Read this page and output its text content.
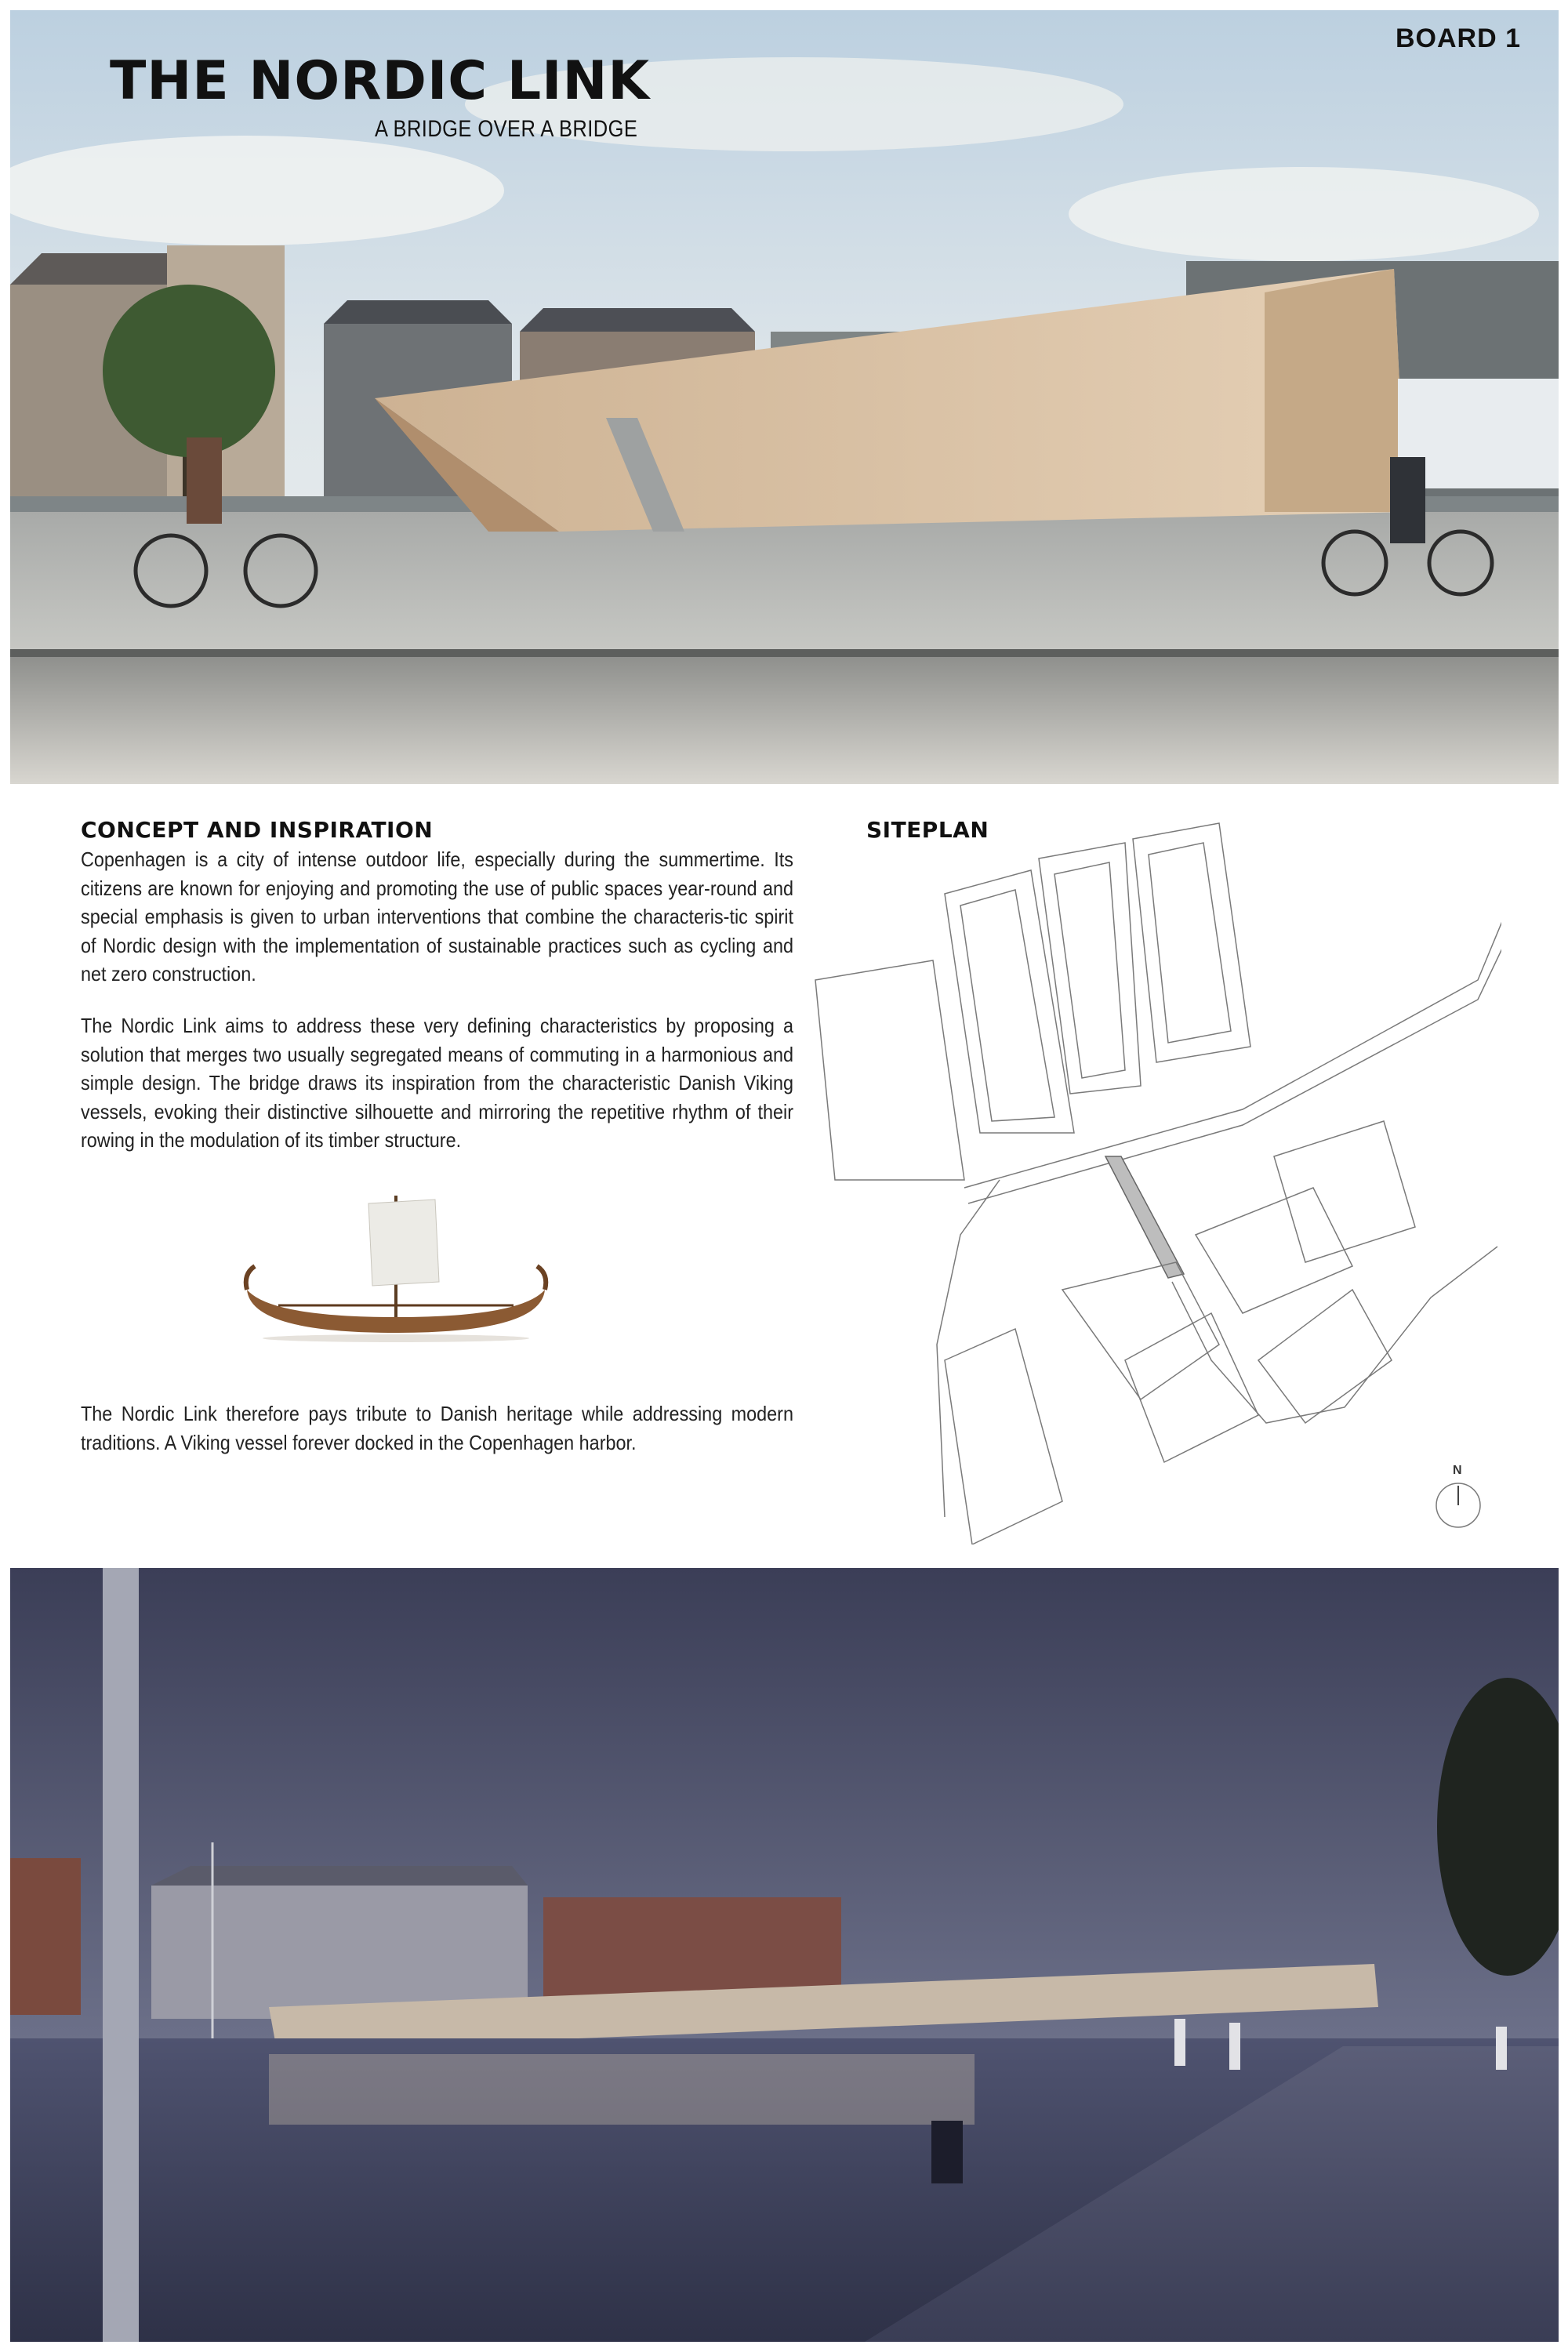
BOARD 1
THE NORDIC LINK
A BRIDGE OVER A BRIDGE
CONCEPT AND INSPIRATION
Copenhagen is a city of intense outdoor life, especially during the summertime. Its citizens are known for enjoying and promoting the use of public spaces year-round and special emphasis is given to urban interventions that combine the characteris-tic spirit of Nordic design with the implementation of sustainable practices such as cycling and net zero construction.
The Nordic Link aims to address these very defining characteristics by proposing a solution that merges two usually segregated means of commuting in a harmonious and simple design. The bridge draws its inspiration from the characteristic Danish Viking vessels, evoking their distinctive silhouette and mirroring the repetitive rhythm of their rowing in the modulation of its timber structure.
The Nordic Link therefore pays tribute to Danish heritage while addressing modern traditions. A Viking vessel forever docked in the Copenhagen harbor.
SITEPLAN
N
